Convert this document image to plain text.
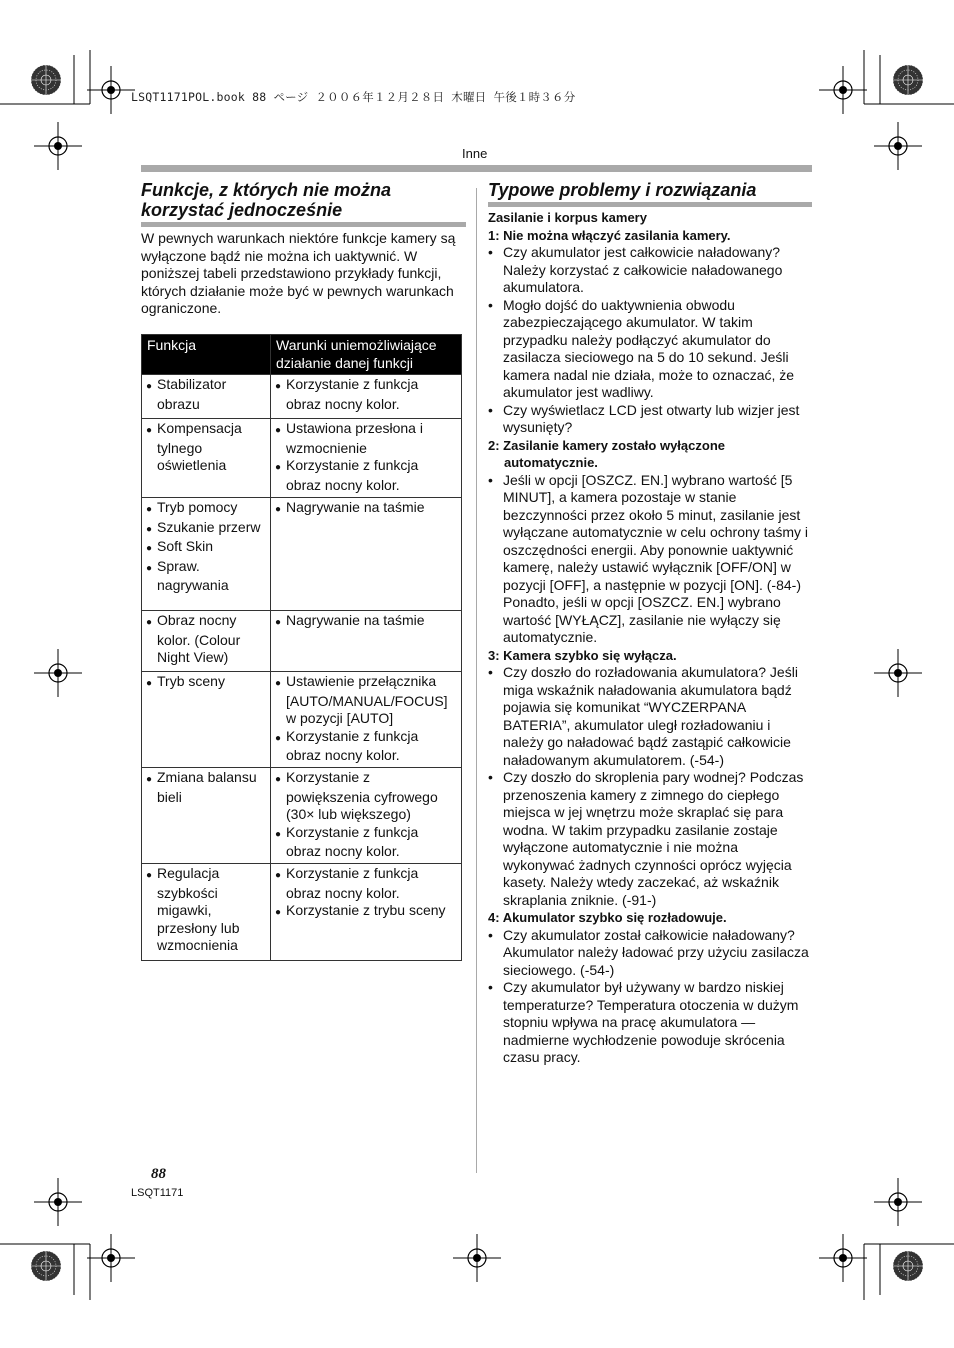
LSQT1171POL.book 88 ページ ２００６年１２月２８日 木曜日 午後１時３６分
Inne
Funkcje, z których nie można korzystać jednocześnie

W pewnych warunkach niektóre funkcje kamery są wyłączone bądź nie można ich uaktywnić. W poniższej tabeli przedstawiono przykłady funkcji, których działanie może być w pewnych warunkach ograniczone.

Funkcja	Warunki uniemożliwiające działanie danej funkcji

● Stabilizator obrazu	● Korzystanie z funkcja obraz nocny kolor.

● Kompensacja tylnego oświetlenia	● Ustawiona przesłona i wzmocnienie
● Korzystanie z funkcja obraz nocny kolor.

● Tryb pomocy
● Szukanie przerw
● Soft Skin
● Spraw. nagrywania	● Nagrywanie na taśmie

● Obraz nocny kolor. (Colour Night View)	● Nagrywanie na taśmie

● Tryb sceny	● Ustawienie przełącznika [AUTO/MANUAL/FOCUS] w pozycji [AUTO]
● Korzystanie z funkcja obraz nocny kolor.

● Zmiana balansu bieli	● Korzystanie z powiększenia cyfrowego (30× lub większego)
● Korzystanie z funkcja obraz nocny kolor.

● Regulacja szybkości migawki, przesłony lub wzmocnienia	● Korzystanie z funkcja obraz nocny kolor.
● Korzystanie z trybu sceny
Typowe problemy i rozwiązania
Zasilanie i korpus kamery
1: Nie można włączyć zasilania kamery.
• Czy akumulator jest całkowicie naładowany? Należy korzystać z całkowicie naładowanego akumulatora.
• Mogło dojść do uaktywnienia obwodu zabezpieczającego akumulator. W takim przypadku należy podłączyć akumulator do zasilacza sieciowego na 5 do 10 sekund. Jeśli kamera nadal nie działa, może to oznaczać, że akumulator jest wadliwy.
• Czy wyświetlacz LCD jest otwarty lub wizjer jest wysunięty?
2: Zasilanie kamery zostało wyłączone automatycznie.
• Jeśli w opcji [OSZCZ. EN.] wybrano wartość [5 MINUT], a kamera pozostaje w stanie bezczynności przez około 5 minut, zasilanie jest wyłączane automatycznie w celu ochrony taśmy i oszczędności energii. Aby ponownie uaktywnić kamerę, należy ustawić wyłącznik [OFF/ON] w pozycji [OFF], a następnie w pozycji [ON]. (-84-) Ponadto, jeśli w opcji [OSZCZ. EN.] wybrano wartość [WYŁĄCZ], zasilanie nie wyłączy się automatycznie.
3: Kamera szybko się wyłącza.
• Czy doszło do rozładowania akumulatora? Jeśli miga wskaźnik naładowania akumulatora bądź pojawia się komunikat “WYCZERPANA BATERIA”, akumulator uległ rozładowaniu i należy go naładować bądź zastąpić całkowicie naładowanym akumulatorem. (-54-)
• Czy doszło do skroplenia pary wodnej? Podczas przenoszenia kamery z zimnego do ciepłego miejsca w jej wnętrzu może skraplać się para wodna. W takim przypadku zasilanie zostaje wyłączone automatycznie i nie można wykonywać żadnych czynności oprócz wyjęcia kasety. Należy wtedy zaczekać, aż wskaźnik skraplania zniknie. (-91-)
4: Akumulator szybko się rozładowuje.
• Czy akumulator został całkowicie naładowany? Akumulator należy ładować przy użyciu zasilacza sieciowego. (-54-)
• Czy akumulator był używany w bardzo niskiej temperaturze? Temperatura otoczenia w dużym stopniu wpływa na pracę akumulatora — nadmierne wychłodzenie powoduje skrócenia czasu pracy.
88
LSQT1171
